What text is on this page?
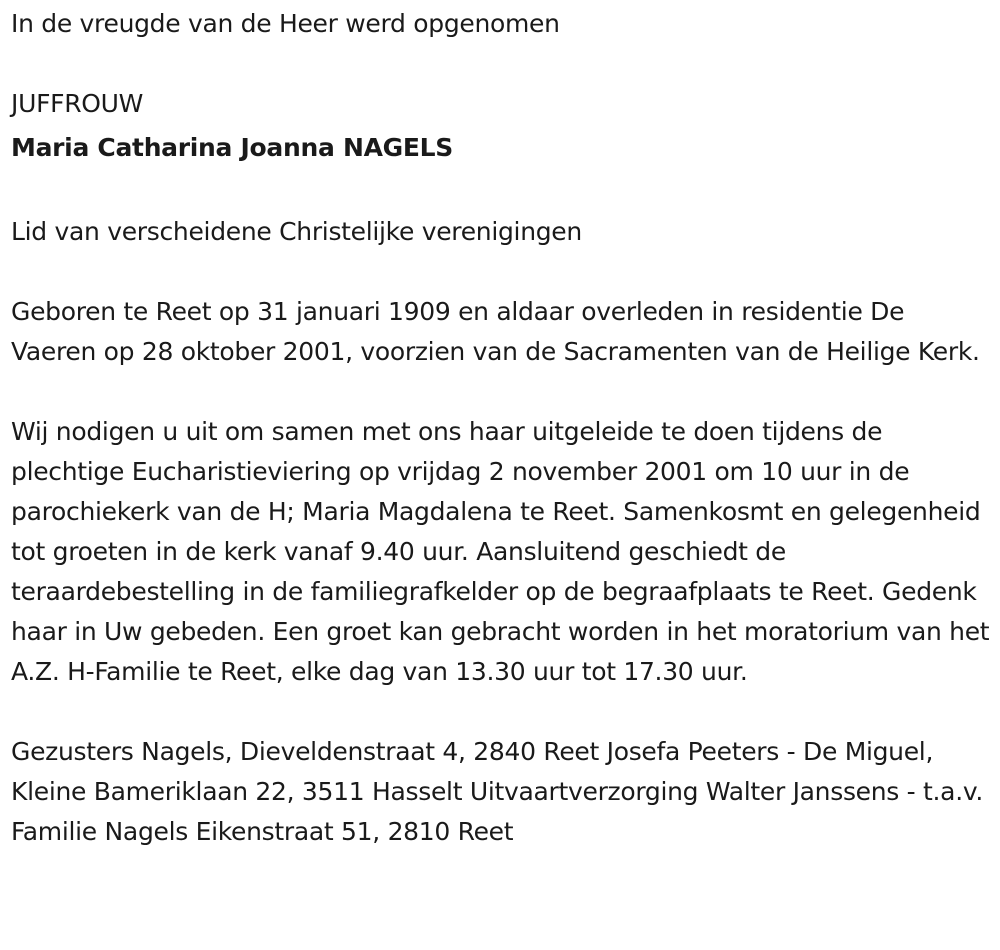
In de vreugde van de Heer werd opgenomen

JUFFROUW

Maria Catharina Joanna NAGELS

Lid van verscheidene Christelijke verenigingen

Geboren te Reet op 31 januari 1909 en aldaar overleden in residentie De Vaeren op 28 oktober 2001, voorzien van de Sacramenten van de Heilige Kerk.

Wij nodigen u uit om samen met ons haar uitgeleide te doen tijdens de plechtige Eucharistieviering op vrijdag 2 november 2001 om 10 uur in de parochiekerk van de H; Maria Magdalena te Reet. Samenkosmt en gelegenheid tot groeten in de kerk vanaf 9.40 uur. Aansluitend geschiedt de teraardebestelling in de familiegrafkelder op de begraafplaats te Reet. Gedenk haar in Uw gebeden. Een groet kan gebracht worden in het moratorium van het A.Z. H-Familie te Reet, elke dag van 13.30 uur tot 17.30 uur.

Gezusters Nagels, Dieveldenstraat 4, 2840 Reet Josefa Peeters - De Miguel, Kleine Bameriklaan 22, 3511 Hasselt Uitvaartverzorging Walter Janssens - t.a.v. Familie Nagels Eikenstraat 51, 2810 Reet
